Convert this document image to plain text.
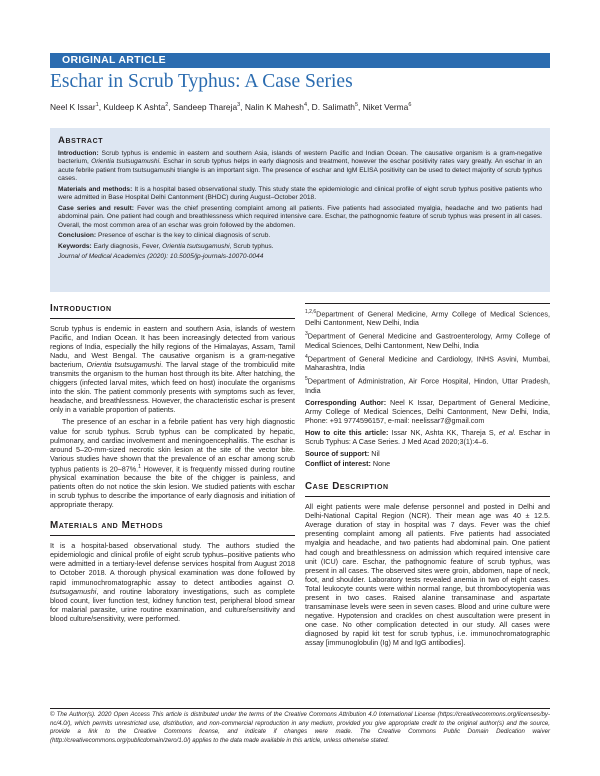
ORIGINAL ARTICLE
Eschar in Scrub Typhus: A Case Series
Neel K Issar$^1$, Kuldeep K Ashta$^2$, Sandeep Thareja$^3$, Nalin K Mahesh$^4$, D. Salimath$^5$, Niket Verma$^6$
Abstract

Introduction: Scrub typhus is endemic in eastern and southern Asia, islands of western Pacific and Indian Ocean. The causative organism is a gram-negative bacterium, Orientia tsutsugamushi. Eschar in scrub typhus helps in early diagnosis and treatment, however the eschar positivity rates vary greatly. An eschar in an acute febrile patient from tsutsugamushi triangle is an important sign. The presence of eschar and IgM ELISA positivity can be used to detect majority of scrub typhus cases.

Materials and methods: It is a hospital based observational study. This study state the epidemiologic and clinical profile of eight scrub typhus positive patients who were admitted in Base Hospital Delhi Cantonment (BHDC) during August–October 2018.

Case series and result: Fever was the chief presenting complaint among all patients. Five patients had associated myalgia, headache and two patients had abdominal pain. One patient had cough and breathlessness which required intensive care. Eschar, the pathognomic feature of scrub typhus was present in all cases. Overall, the most common area of an eschar was groin followed by the abdomen.

Conclusion: Presence of eschar is the key to clinical diagnosis of scrub.

Keywords: Early diagnosis, Fever, Orientia tsutsugamushi, Scrub typhus.

Journal of Medical Academics (2020): 10.5005/jp-journals-10070-0044

Introduction

Scrub typhus is endemic in eastern and southern Asia, islands of western Pacific, and Indian Ocean. It has been increasingly detected from various regions of India, especially the hilly regions of the Himalayas, Assam, Tamil Nadu, and West Bengal. The causative organism is a gram-negative bacterium, Orientia tsutsugamushi. The larval stage of the trombiculid mite transmits the organism to the human host through its bite. After hatching, the chiggers (infected larval mites, which feed on host) inoculate the organisms into the skin. The patient commonly presents with symptoms such as fever, headache, and breathlessness. However, the characteristic eschar is present only in a variable proportion of patients.

The presence of an eschar in a febrile patient has very high diagnostic value for scrub typhus. Scrub typhus can be complicated by hepatic, pulmonary, and cardiac involvement and meningoencephalitis. The eschar is around 5–20-mm-sized necrotic skin lesion at the site of the vector bite. Various studies have shown that the prevalence of an eschar among scrub typhus patients is 20–87%.$^1$ However, it is frequently missed during routine physical examination because the bite of the chigger is painless, and patients often do not notice the skin lesion. We studied patients with eschar in scrub typhus to describe the importance of early diagnosis and initiation of appropriate therapy.

Materials and Methods

It is a hospital-based observational study. The authors studied the epidemiologic and clinical profile of eight scrub typhus–positive patients who were admitted in a tertiary-level defense services hospital from August 2018 to October 2018. A thorough physical examination was done followed by rapid immunochromatographic assay to detect antibodies against O. tsutsugamushi, and routine laboratory investigations, such as complete blood count, liver function test, kidney function test, peripheral blood smear for malarial parasite, urine routine examination, and culture/sensitivity and blood culture/sensitivity, were performed.

$^{1,2,6}$Department of General Medicine, Army College of Medical Sciences, Delhi Cantonment, New Delhi, India

$^3$Department of General Medicine and Gastroenterology, Army College of Medical Sciences, Delhi Cantonment, New Delhi, India

$^4$Department of General Medicine and Cardiology, INHS Asvini, Mumbai, Maharashtra, India

$^5$Department of Administration, Air Force Hospital, Hindon, Uttar Pradesh, India

Corresponding Author: Neel K Issar, Department of General Medicine, Army College of Medical Sciences, Delhi Cantonment, New Delhi, India, Phone: +91 9774596157, e-mail: neelissar7@gmail.com

How to cite this article: Issar NK, Ashta KK, Thareja S, et al. Eschar in Scrub Typhus: A Case Series. J Med Acad 2020;3(1):4–6.

Source of support: Nil

Conflict of interest: None

Case Description

All eight patients were male defense personnel and posted in Delhi and Delhi-National Capital Region (NCR). Their mean age was 40 ± 12.5. Average duration of stay in hospital was 7 days. Fever was the chief presenting complaint among all patients. Five patients had associated myalgia and headache, and two patients had abdominal pain. One patient had cough and breathlessness on admission which required intensive care unit (ICU) care. Eschar, the pathognomic feature of scrub typhus, was present in all cases. The observed sites were groin, abdomen, nape of neck, foot, and shoulder. Laboratory tests revealed anemia in two of eight cases. Total leukocyte counts were within normal range, but thrombocytopenia was present in two cases. Raised alanine transaminase and aspartate transaminase levels were seen in seven cases. Blood and urine culture were negative. Hypotension and crackles on chest auscultation were present in one case. No other complication detected in our study. All cases were diagnosed by rapid kit test for scrub typhus, i.e. immunochromatographic assay [immunoglobulin (Ig) M and IgG antibodies].

© The Author(s). 2020 Open Access This article is distributed under the terms of the Creative Commons Attribution 4.0 International License (https://creativecommons.org/licenses/by-nc/4.0/), which permits unrestricted use, distribution, and non-commercial reproduction in any medium, provided you give appropriate credit to the original author(s) and the source, provide a link to the Creative Commons license, and indicate if changes were made. The Creative Commons Public Domain Dedication waiver (http://creativecommons.org/publicdomain/zero/1.0/) applies to the data made available in this article, unless otherwise stated.
